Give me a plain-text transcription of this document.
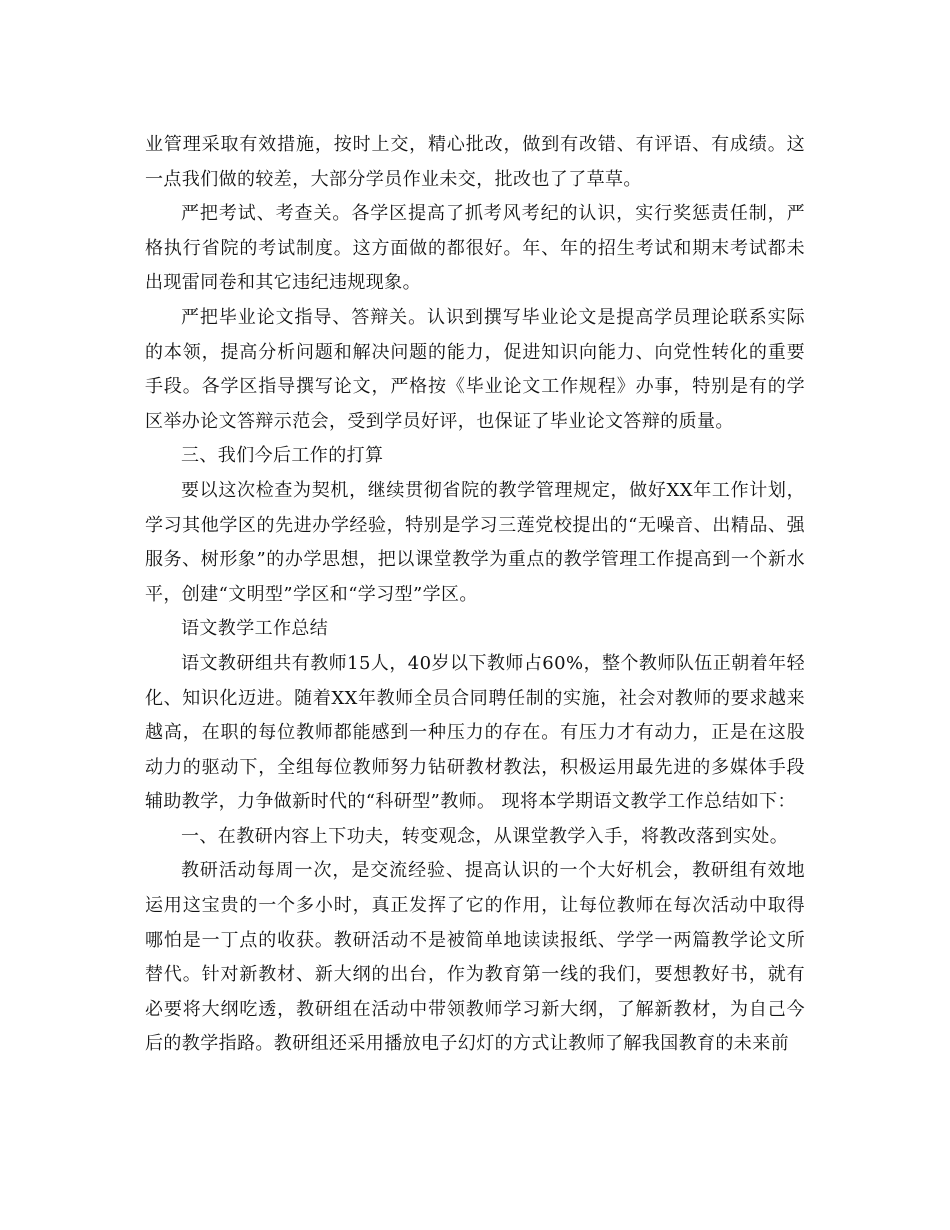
业管理采取有效措施，按时上交，精心批改，做到有改错、有评语、有成绩。这一点我们做的较差，大部分学员作业未交，批改也了了草草。

严把考试、考查关。各学区提高了抓考风考纪的认识，实行奖惩责任制，严格执行省院的考试制度。这方面做的都很好。年、年的招生考试和期末考试都未出现雷同卷和其它违纪违规现象。

严把毕业论文指导、答辩关。认识到撰写毕业论文是提高学员理论联系实际的本领，提高分析问题和解决问题的能力，促进知识向能力、向党性转化的重要手段。各学区指导撰写论文，严格按《毕业论文工作规程》办事，特别是有的学区举办论文答辩示范会，受到学员好评，也保证了毕业论文答辩的质量。

三、我们今后工作的打算

要以这次检查为契机，继续贯彻省院的教学管理规定，做好XX年工作计划，学习其他学区的先进办学经验，特别是学习三莲党校提出的“无噪音、出精品、强服务、树形象”的办学思想，把以课堂教学为重点的教学管理工作提高到一个新水平，创建“文明型”学区和“学习型”学区。

语文教学工作总结

语文教研组共有教师15人，40岁以下教师占60%，整个教师队伍正朝着年轻化、知识化迈进。随着XX年教师全员合同聘任制的实施，社会对教师的要求越来越高，在职的每位教师都能感到一种压力的存在。有压力才有动力，正是在这股动力的驱动下，全组每位教师努力钻研教材教法，积极运用最先进的多媒体手段辅助教学，力争做新时代的“科研型”教师。 现将本学期语文教学工作总结如下：

一、在教研内容上下功夫，转变观念，从课堂教学入手，将教改落到实处。

教研活动每周一次，是交流经验、提高认识的一个大好机会，教研组有效地运用这宝贵的一个多小时，真正发挥了它的作用，让每位教师在每次活动中取得哪怕是一丁点的收获。教研活动不是被简单地读读报纸、学学一两篇教学论文所替代。针对新教材、新大纲的出台，作为教育第一线的我们，要想教好书，就有必要将大纲吃透，教研组在活动中带领教师学习新大纲，了解新教材，为自己今后的教学指路。教研组还采用播放电子幻灯的方式让教师了解我国教育的未来前
